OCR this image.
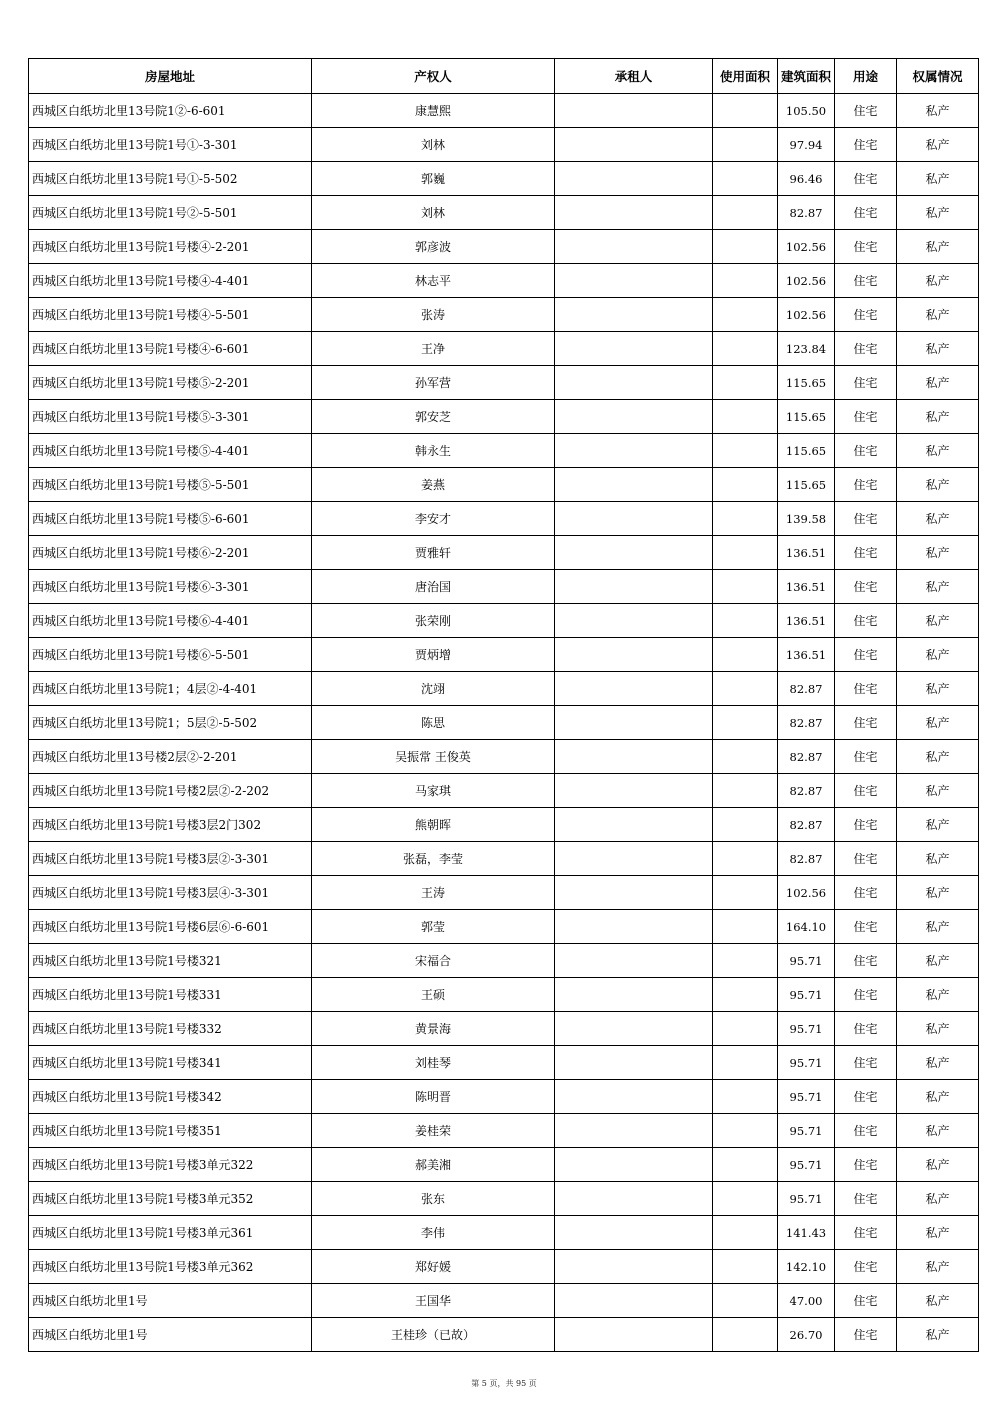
房屋地址	产权人	承租人	使用面积	建筑面积	用途	权属情况
西城区白纸坊北里13号院1②-6-601	康慧熙			105.50	住宅	私产
西城区白纸坊北里13号院1号①-3-301	刘林			97.94	住宅	私产
西城区白纸坊北里13号院1号①-5-502	郭巍			96.46	住宅	私产
西城区白纸坊北里13号院1号②-5-501	刘林			82.87	住宅	私产
西城区白纸坊北里13号院1号楼④-2-201	郭彦波			102.56	住宅	私产
西城区白纸坊北里13号院1号楼④-4-401	林志平			102.56	住宅	私产
西城区白纸坊北里13号院1号楼④-5-501	张涛			102.56	住宅	私产
西城区白纸坊北里13号院1号楼④-6-601	王净			123.84	住宅	私产
西城区白纸坊北里13号院1号楼⑤-2-201	孙军营			115.65	住宅	私产
西城区白纸坊北里13号院1号楼⑤-3-301	郭安芝			115.65	住宅	私产
西城区白纸坊北里13号院1号楼⑤-4-401	韩永生			115.65	住宅	私产
西城区白纸坊北里13号院1号楼⑤-5-501	姜燕			115.65	住宅	私产
西城区白纸坊北里13号院1号楼⑤-6-601	李安才			139.58	住宅	私产
西城区白纸坊北里13号院1号楼⑥-2-201	贾雅轩			136.51	住宅	私产
西城区白纸坊北里13号院1号楼⑥-3-301	唐治国			136.51	住宅	私产
西城区白纸坊北里13号院1号楼⑥-4-401	张荣刚			136.51	住宅	私产
西城区白纸坊北里13号院1号楼⑥-5-501	贾炳增			136.51	住宅	私产
西城区白纸坊北里13号院1；4层②-4-401	沈翊			82.87	住宅	私产
西城区白纸坊北里13号院1；5层②-5-502	陈思			82.87	住宅	私产
西城区白纸坊北里13号楼2层②-2-201	吴振常 王俊英			82.87	住宅	私产
西城区白纸坊北里13号院1号楼2层②-2-202	马家琪			82.87	住宅	私产
西城区白纸坊北里13号院1号楼3层2门302	熊朝晖			82.87	住宅	私产
西城区白纸坊北里13号院1号楼3层②-3-301	张磊，李莹			82.87	住宅	私产
西城区白纸坊北里13号院1号楼3层④-3-301	王涛			102.56	住宅	私产
西城区白纸坊北里13号院1号楼6层⑥-6-601	郭莹			164.10	住宅	私产
西城区白纸坊北里13号院1号楼321	宋福合			95.71	住宅	私产
西城区白纸坊北里13号院1号楼331	王硕			95.71	住宅	私产
西城区白纸坊北里13号院1号楼332	黄景海			95.71	住宅	私产
西城区白纸坊北里13号院1号楼341	刘桂琴			95.71	住宅	私产
西城区白纸坊北里13号院1号楼342	陈明晋			95.71	住宅	私产
西城区白纸坊北里13号院1号楼351	姜桂荣			95.71	住宅	私产
西城区白纸坊北里13号院1号楼3单元322	郝美湘			95.71	住宅	私产
西城区白纸坊北里13号院1号楼3单元352	张东			95.71	住宅	私产
西城区白纸坊北里13号院1号楼3单元361	李伟			141.43	住宅	私产
西城区白纸坊北里13号院1号楼3单元362	郑好媛			142.10	住宅	私产
西城区白纸坊北里1号	王国华			47.00	住宅	私产
西城区白纸坊北里1号	王桂珍（已故）			26.70	住宅	私产
第 5 页，共 95 页
